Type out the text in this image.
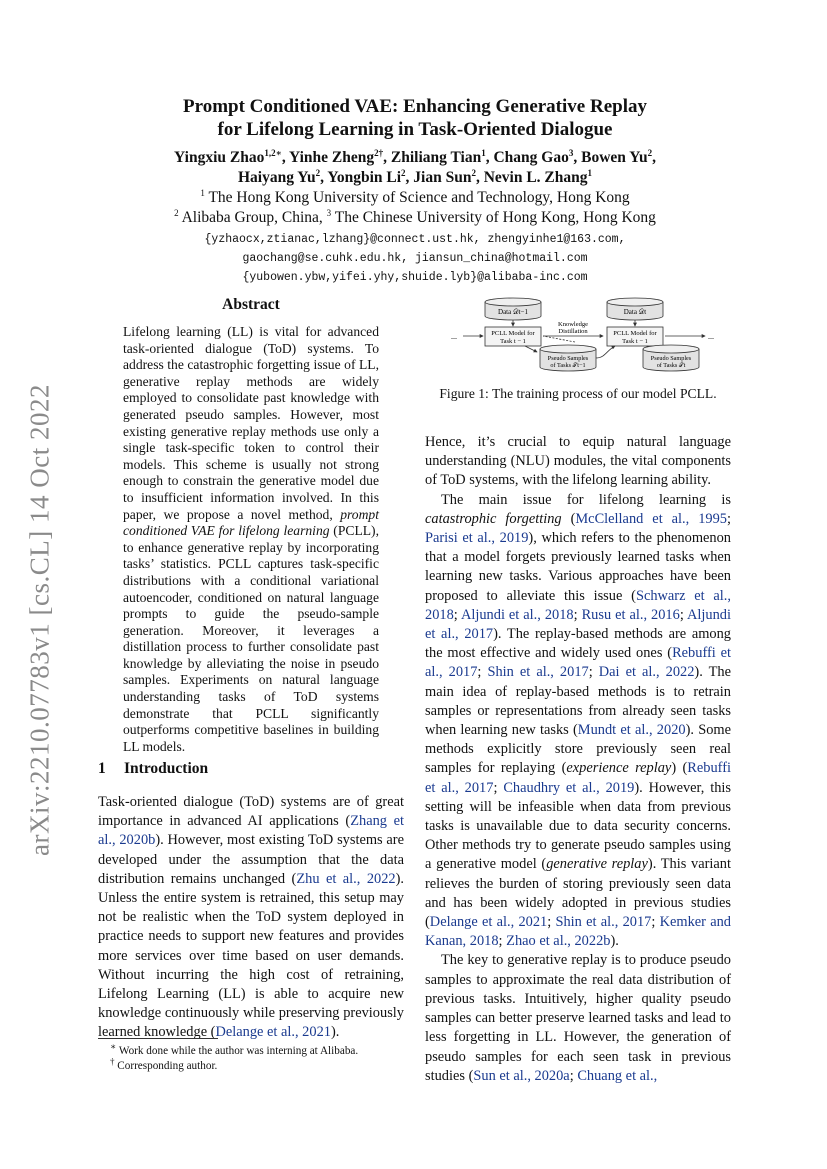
arXiv:2210.07783v1 [cs.CL] 14 Oct 2022
Prompt Conditioned VAE: Enhancing Generative Replay
for Lifelong Learning in Task-Oriented Dialogue
Yingxiu Zhao$^{1,2∗}$, Yinhe Zheng$^{2\dagger}$, Zhiliang Tian$^1$, Chang Gao$^3$, Bowen Yu$^2$,
Haiyang Yu$^2$, Yongbin Li$^2$, Jian Sun$^2$, Nevin L. Zhang$^1$
$^1$ The Hong Kong University of Science and Technology, Hong Kong
$^2$ Alibaba Group, China, $^3$ The Chinese University of Hong Kong, Hong Kong
{yzhaocx,ztianac,lzhang}@connect.ust.hk, zhengyinhe1@163.com,
gaochang@se.cuhk.edu.hk, jiansun_china@hotmail.com
{yubowen.ybw,yifei.yhy,shuide.lyb}@alibaba-inc.com
Abstract
Lifelong learning (LL) is vital for advanced task-oriented dialogue (ToD) systems. To address the catastrophic forgetting issue of LL, generative replay methods are widely employed to consolidate past knowledge with generated pseudo samples. However, most existing generative replay methods use only a single task-specific token to control their models. This scheme is usually not strong enough to constrain the generative model due to insufficient information involved. In this paper, we propose a novel method, prompt conditioned VAE for lifelong learning (PCLL), to enhance generative replay by incorporating tasks’ statistics. PCLL captures task-specific distributions with a conditional variational autoencoder, conditioned on natural language prompts to guide the pseudo-sample generation. Moreover, it leverages a distillation process to further consolidate past knowledge by alleviating the noise in pseudo samples. Experiments on natural language understanding tasks of ToD systems demonstrate that PCLL significantly outperforms competitive baselines in building LL models.
1 Introduction
Task-oriented dialogue (ToD) systems are of great importance in advanced AI applications (Zhang et al., 2020b). However, most existing ToD systems are developed under the assumption that the data distribution remains unchanged (Zhu et al., 2022). Unless the entire system is retrained, this setup may not be realistic when the ToD system deployed in practice needs to support new features and provides more services over time based on user demands. Without incurring the high cost of retraining, Lifelong Learning (LL) is able to acquire new knowledge continuously while preserving previously learned knowledge (Delange et al., 2021).
∗ Work done while the author was interning at Alibaba.
† Corresponding author.
...	...
Data 𝒟t−1	Data 𝒟t
PCLL Model for
Task t − 1
PCLL Model for
Task t − 1
Knowledge
Distillation
Pseudo Samples
of Tasks 𝒯t−1
Pseudo Samples
of Tasks 𝒯t
Figure 1: The training process of our model PCLL.

Hence, it’s crucial to equip natural language understanding (NLU) modules, the vital components of ToD systems, with the lifelong learning ability.

The main issue for lifelong learning is catastrophic forgetting (McClelland et al., 1995; Parisi et al., 2019), which refers to the phenomenon that a model forgets previously learned tasks when learning new tasks. Various approaches have been proposed to alleviate this issue (Schwarz et al., 2018; Aljundi et al., 2018; Rusu et al., 2016; Aljundi et al., 2017). The replay-based methods are among the most effective and widely used ones (Rebuffi et al., 2017; Shin et al., 2017; Dai et al., 2022). The main idea of replay-based methods is to retrain samples or representations from already seen tasks when learning new tasks (Mundt et al., 2020). Some methods explicitly store previously seen real samples for replaying (experience replay) (Rebuffi et al., 2017; Chaudhry et al., 2019). However, this setting will be infeasible when data from previous tasks is unavailable due to data security concerns. Other methods try to generate pseudo samples using a generative model (generative replay). This variant relieves the burden of storing previously seen data and has been widely adopted in previous studies (Delange et al., 2021; Shin et al., 2017; Kemker and Kanan, 2018; Zhao et al., 2022b).

The key to generative replay is to produce pseudo samples to approximate the real data distribution of previous tasks. Intuitively, higher quality pseudo samples can better preserve learned tasks and lead to less forgetting in LL. However, the generation of pseudo samples for each seen task in previous studies (Sun et al., 2020a; Chuang et al.,
